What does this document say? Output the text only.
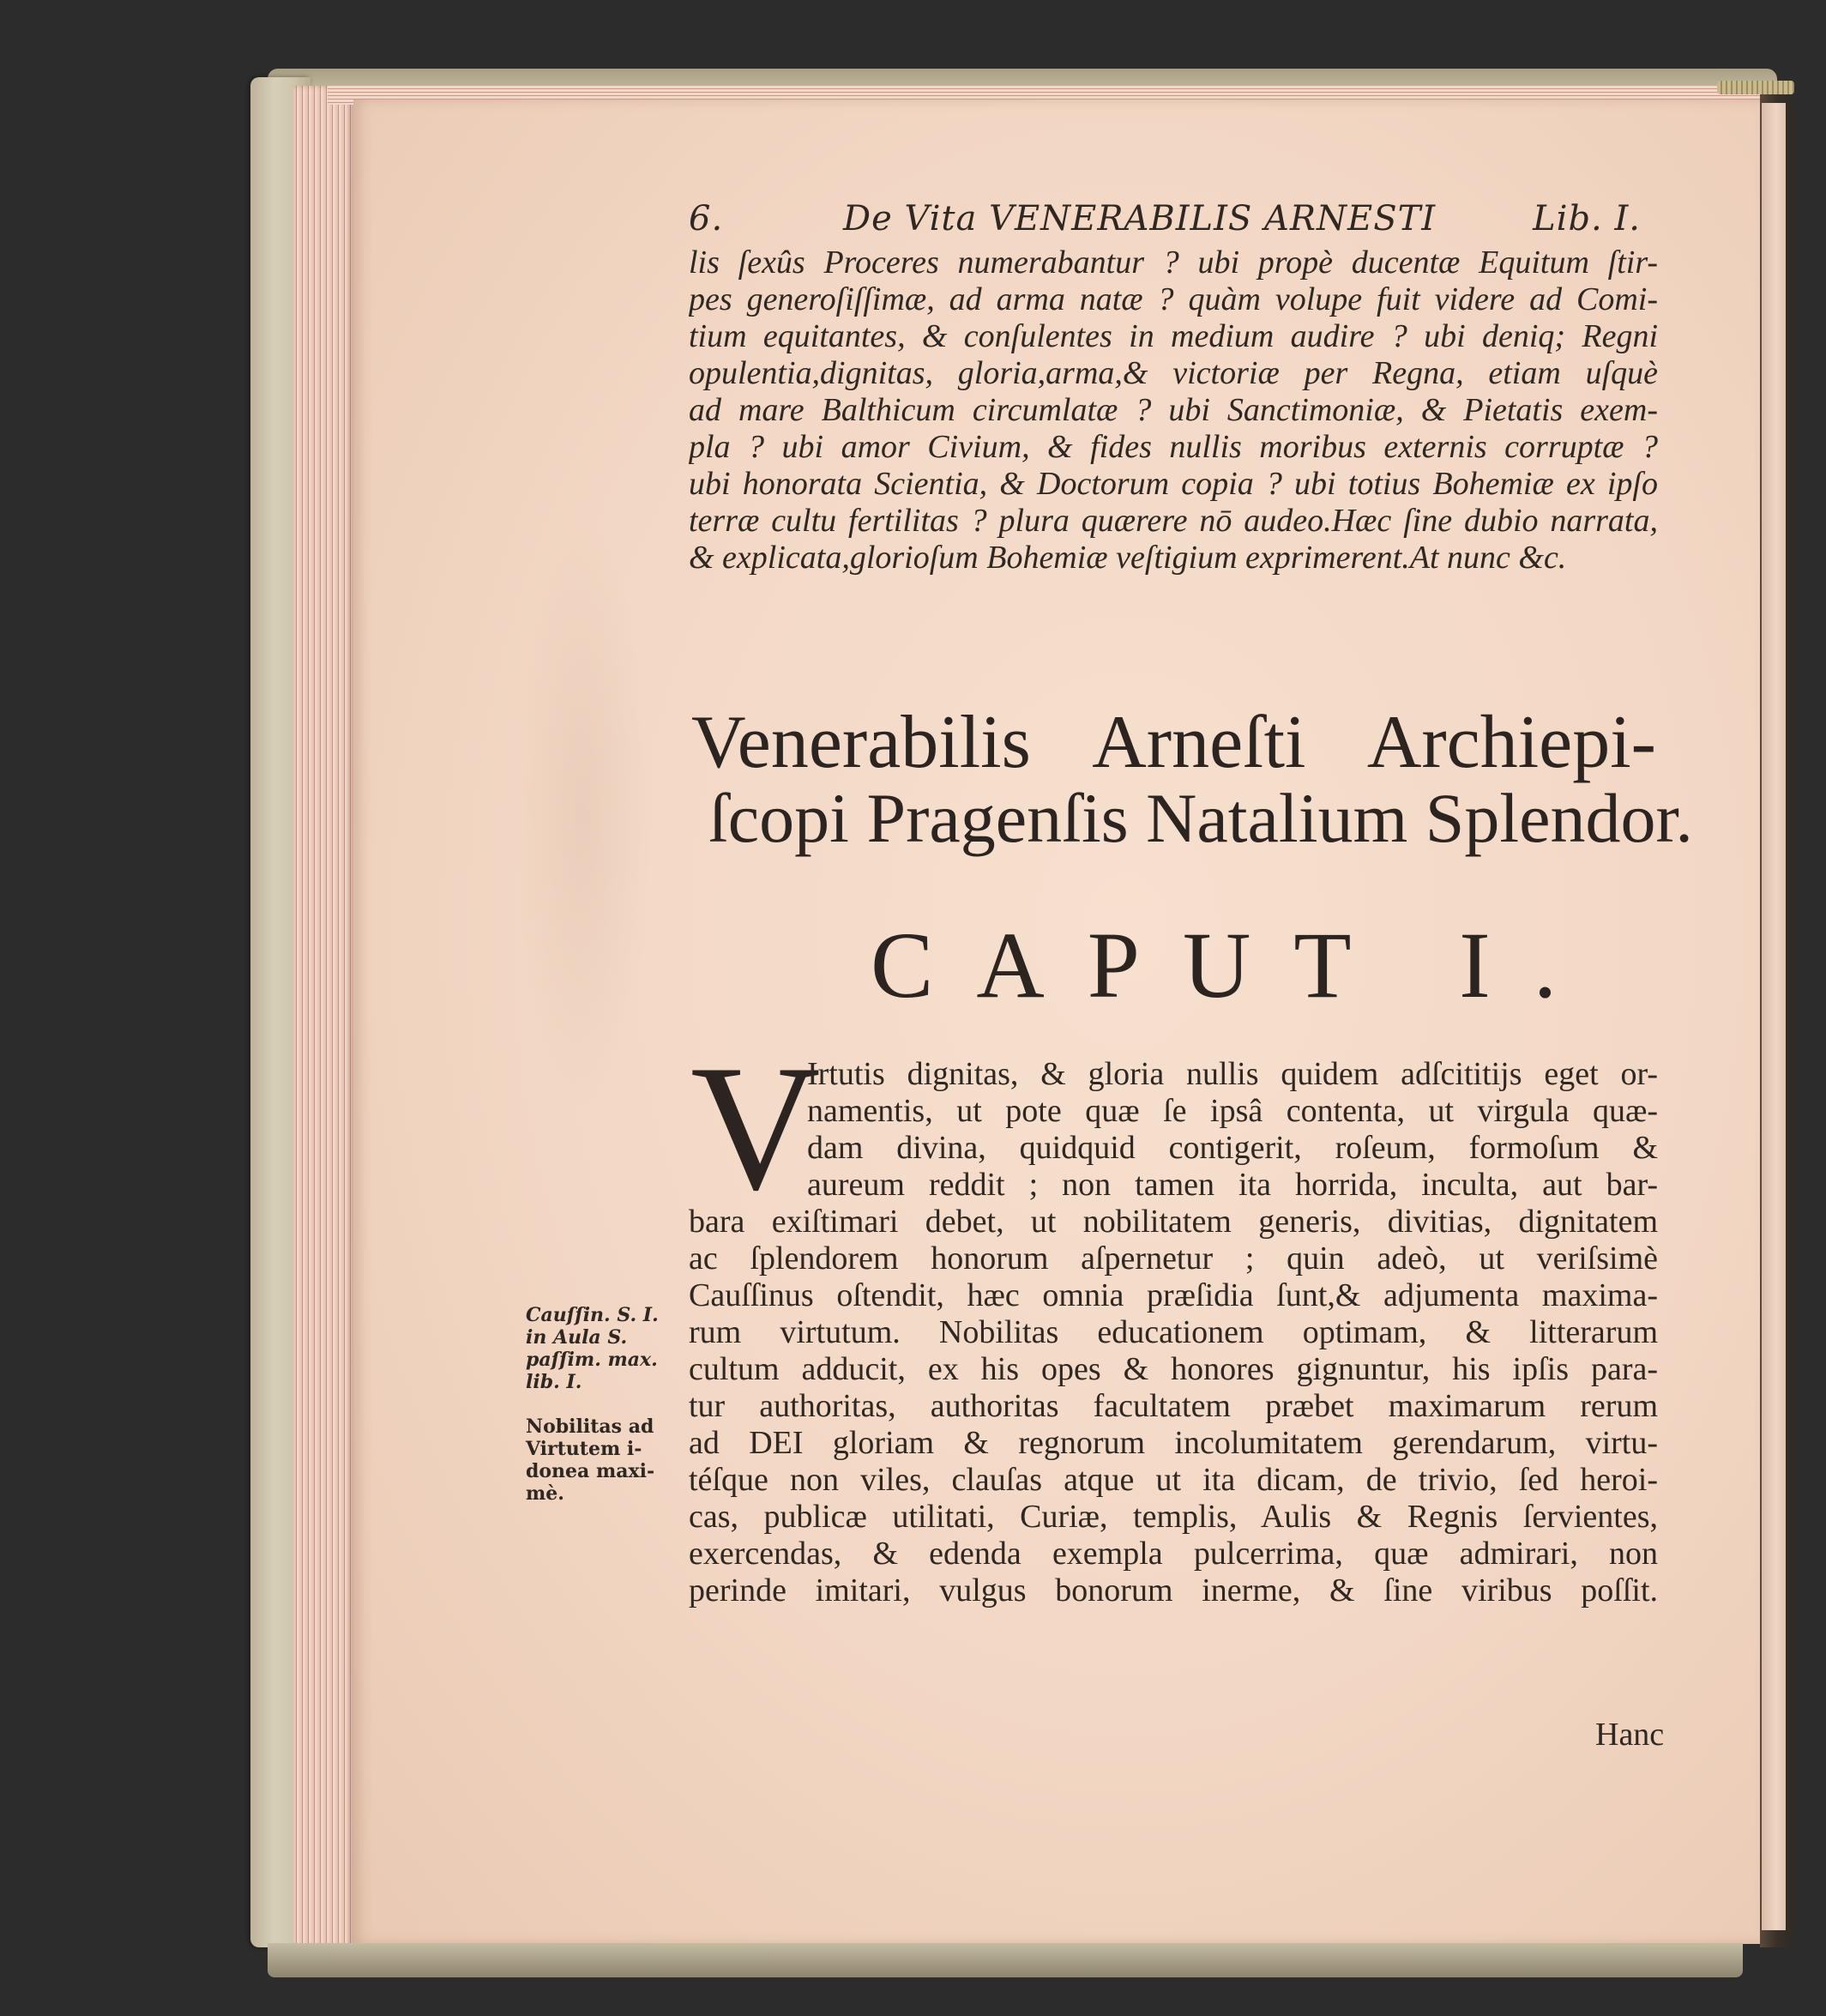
6.	De Vita VENERABILIS ARNESTI	Lib. I.
lis ſexûs Proceres numerabantur ? ubi propè ducentæ Equitum ſtir-
pes generoſiſſimæ, ad arma natæ ? quàm volupe fuit videre ad Comi-
tium equitantes, & conſulentes in medium audire ? ubi deniq; Regni
opulentia,dignitas, gloria,arma,& victoriæ per Regna, etiam uſquè
ad mare Balthicum circumlatæ ? ubi Sanctimoniæ, & Pietatis exem-
pla ? ubi amor Civium, & fides nullis moribus externis corruptæ ?
ubi honorata Scientia, & Doctorum copia ? ubi totius Bohemiæ ex ipſo
terræ cultu fertilitas ? plura quærere nō audeo.Hæc ſine dubio narrata,
& explicata,glorioſum Bohemiæ veſtigium exprimerent.At nunc &c.
Venerabilis Arneſti Archiepi-
ſcopi Pragenſis Natalium Splendor.
CAPUT I.
V
Irtutis dignitas, & gloria nullis quidem adſcititijs eget or-
namentis, ut pote quæ ſe ipsâ contenta, ut virgula quæ-
dam divina, quidquid contigerit, roſeum, formoſum &
aureum reddit ; non tamen ita horrida, inculta, aut bar-
bara exiſtimari debet, ut nobilitatem generis, divitias, dignitatem
ac ſplendorem honorum aſpernetur ; quin adeò, ut veriſsimè
Cauſſinus oſtendit, hæc omnia præſidia ſunt,& adjumenta maxima-
rum virtutum. Nobilitas educationem optimam, & litterarum
cultum adducit, ex his opes & honores gignuntur, his ipſis para-
tur authoritas, authoritas facultatem præbet maximarum rerum
ad DEI gloriam & regnorum incolumitatem gerendarum, virtu-
téſque non viles, clauſas atque ut ita dicam, de trivio, ſed heroi-
cas, publicæ utilitati, Curiæ, templis, Aulis & Regnis ſervientes,
exercendas, & edenda exempla pulcerrima, quæ admirari, non
perinde imitari, vulgus bonorum inerme, & ſine viribus poſſit.
Hanc
Cauſſin. S. I.
in Aula S.
paſſim. max.
lib. I.
Nobilitas ad
Virtutem i-
donea maxi-
mè.
